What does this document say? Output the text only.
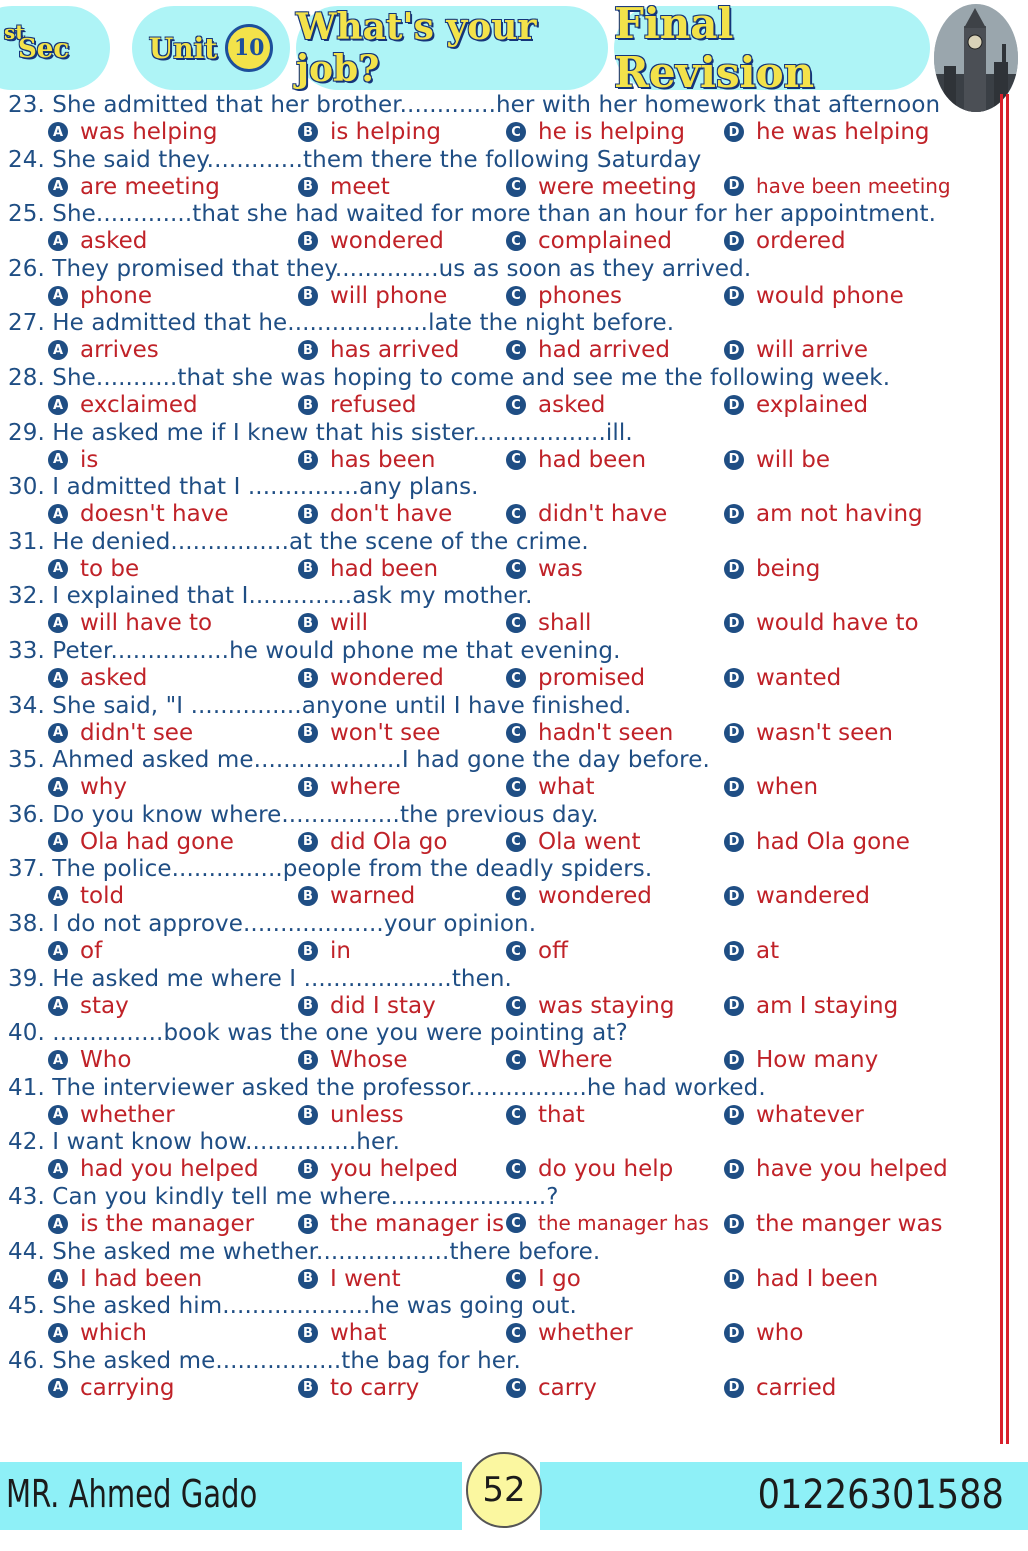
st
Sec	Unit 10 What's your job?
Final Revision
23. She admitted that her brother.............her with her homework that afternoon
A was helping	B is helping	C he is helping	D he was helping
24. She said they.............them there the following Saturday
A are meeting	B meet	C were meeting	D have been meeting
25. She.............that she had waited for more than an hour for her appointment.
A asked	B wondered	C complained	D ordered
26. They promised that they..............us as soon as they arrived.
A phone	B will phone	C phones	D would phone
27. He admitted that he...................late the night before.
A arrives	B has arrived	C had arrived	D will arrive
28. She...........that she was hoping to come and see me the following week.
A exclaimed	B refused	C asked	D explained
29. He asked me if I knew that his sister..................ill.
A is	B has been	C had been	D will be
30. I admitted that I ...............any plans.
A doesn't have	B don't have	C didn't have	D am not having
31. He denied................at the scene of the crime.
A to be	B had been	C was	D being
32. I explained that I..............ask my mother.
A will have to	B will	C shall	D would have to
33. Peter................he would phone me that evening.
A asked	B wondered	C promised	D wanted
34. She said, "I ...............anyone until I have finished.
A didn't see	B won't see	C hadn't seen	D wasn't seen
35. Ahmed asked me....................I had gone the day before.
A why	B where	C what	D when
36. Do you know where................the previous day.
A Ola had gone	B did Ola go	C Ola went	D had Ola gone
37. The police...............people from the deadly spiders.
A told	B warned	C wondered	D wandered
38. I do not approve...................your opinion.
A of	B in	C off	D at
39. He asked me where I ....................then.
A stay	B did I stay	C was staying	D am I staying
40. ...............book was the one you were pointing at?
A Who	B Whose	C Where	D How many
41. The interviewer asked the professor................he had worked.
A whether	B unless	C that	D whatever
42. I want know how...............her.
A had you helped	B you helped	C do you help	D have you helped
43. Can you kindly tell me where.....................?
A is the manager	B the manager is C the manager has	D the manger was
44. She asked me whether..................there before.
A I had been	B I went	C I go	D had I been
45. She asked him....................he was going out.
A which	B what	C whether	D who
46. She asked me.................the bag for her.
A carrying	B to carry	C carry	D carried
MR. Ahmed Gado	52	01226301588
